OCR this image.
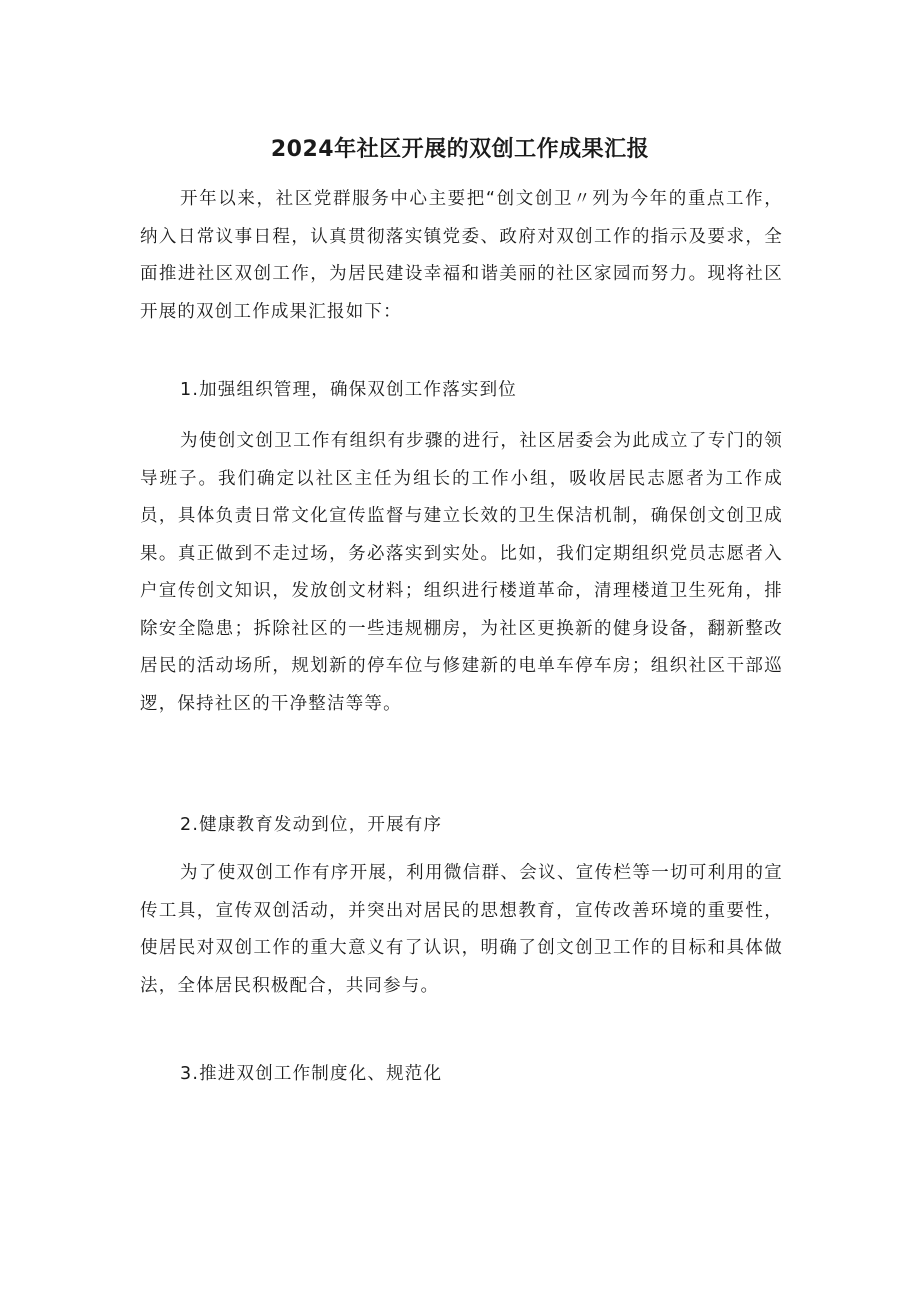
2024年社区开展的双创工作成果汇报

开年以来，社区党群服务中心主要把“创文创卫〃列为今年的重点工作，纳入日常议事日程，认真贯彻落实镇党委、政府对双创工作的指示及要求，全面推进社区双创工作，为居民建设幸福和谐美丽的社区家园而努力。现将社区开展的双创工作成果汇报如下：

1.加强组织管理，确保双创工作落实到位

为使创文创卫工作有组织有步骤的进行，社区居委会为此成立了专门的领导班子。我们确定以社区主任为组长的工作小组，吸收居民志愿者为工作成员，具体负责日常文化宣传监督与建立长效的卫生保洁机制，确保创文创卫成果。真正做到不走过场，务必落实到实处。比如，我们定期组织党员志愿者入户宣传创文知识，发放创文材料；组织进行楼道革命，清理楼道卫生死角，排除安全隐患；拆除社区的一些违规棚房，为社区更换新的健身设备，翻新整改居民的活动场所，规划新的停车位与修建新的电单车停车房；组织社区干部巡逻，保持社区的干净整洁等等。

2.健康教育发动到位，开展有序

为了使双创工作有序开展，利用微信群、会议、宣传栏等一切可利用的宣传工具，宣传双创活动，并突出对居民的思想教育，宣传改善环境的重要性，使居民对双创工作的重大意义有了认识，明确了创文创卫工作的目标和具体做法，全体居民积极配合，共同参与。

3.推进双创工作制度化、规范化
